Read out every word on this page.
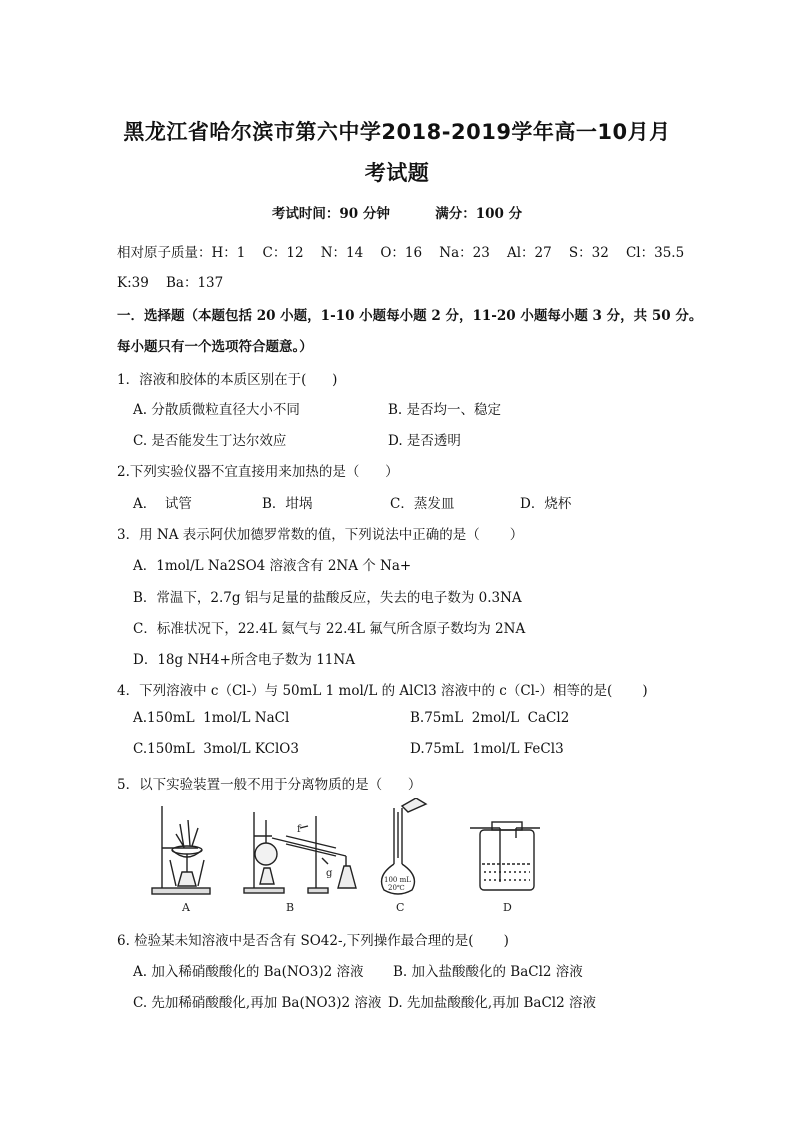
黑龙江省哈尔滨市第六中学2018-2019学年高一10月月
考试题
考试时间：90 分钟	满分：100 分
相对原子质量：H：1    C：12    N：14    O：16    Na：23    Al：27    S：32    Cl：35.5
K:39    Ba：137
一．选择题（本题包括 20 小题，1-10 小题每小题 2 分，11-20 小题每小题 3 分，共 50 分。
每小题只有一个选项符合题意。）
1．溶液和胶体的本质区别在于(      )
A. 分散质微粒直径大小不同	B. 是否均一、稳定
C. 是否能发生丁达尔效应	D. 是否透明
2.下列实验仪器不宜直接用来加热的是（      ）
A．  试管	B．坩埚	C．蒸发皿	D．烧杯
3．用 NA 表示阿伏加德罗常数的值，下列说法中正确的是（       ）
A．1mol/L Na2SO4 溶液含有 2NA 个 Na+
B．常温下，2.7g 铝与足量的盐酸反应，失去的电子数为 0.3NA
C．标准状况下，22.4L 氦气与 22.4L 氟气所含原子数均为 2NA
D．18g NH4+所含电子数为 11NA
4．下列溶液中 c（Cl-）与 50mL 1 mol/L 的 AlCl3 溶液中的 c（Cl-）相等的是(       )
A.150mL  1mol/L NaCl	B.75mL  2mol/L  CaCl2
C.150mL  3mol/L KClO3	D.75mL  1mol/L FeCl3
5．以下实验装置一般不用于分离物质的是（      ）
f
g
100 mL
20℃
A	B	C	D
6. 检验某未知溶液中是否含有 SO42-,下列操作最合理的是(       )
A. 加入稀硝酸酸化的 Ba(NO3)2 溶液 B. 加入盐酸酸化的 BaCl2 溶液
C. 先加稀硝酸酸化,再加 Ba(NO3)2 溶液 D. 先加盐酸酸化,再加 BaCl2 溶液
